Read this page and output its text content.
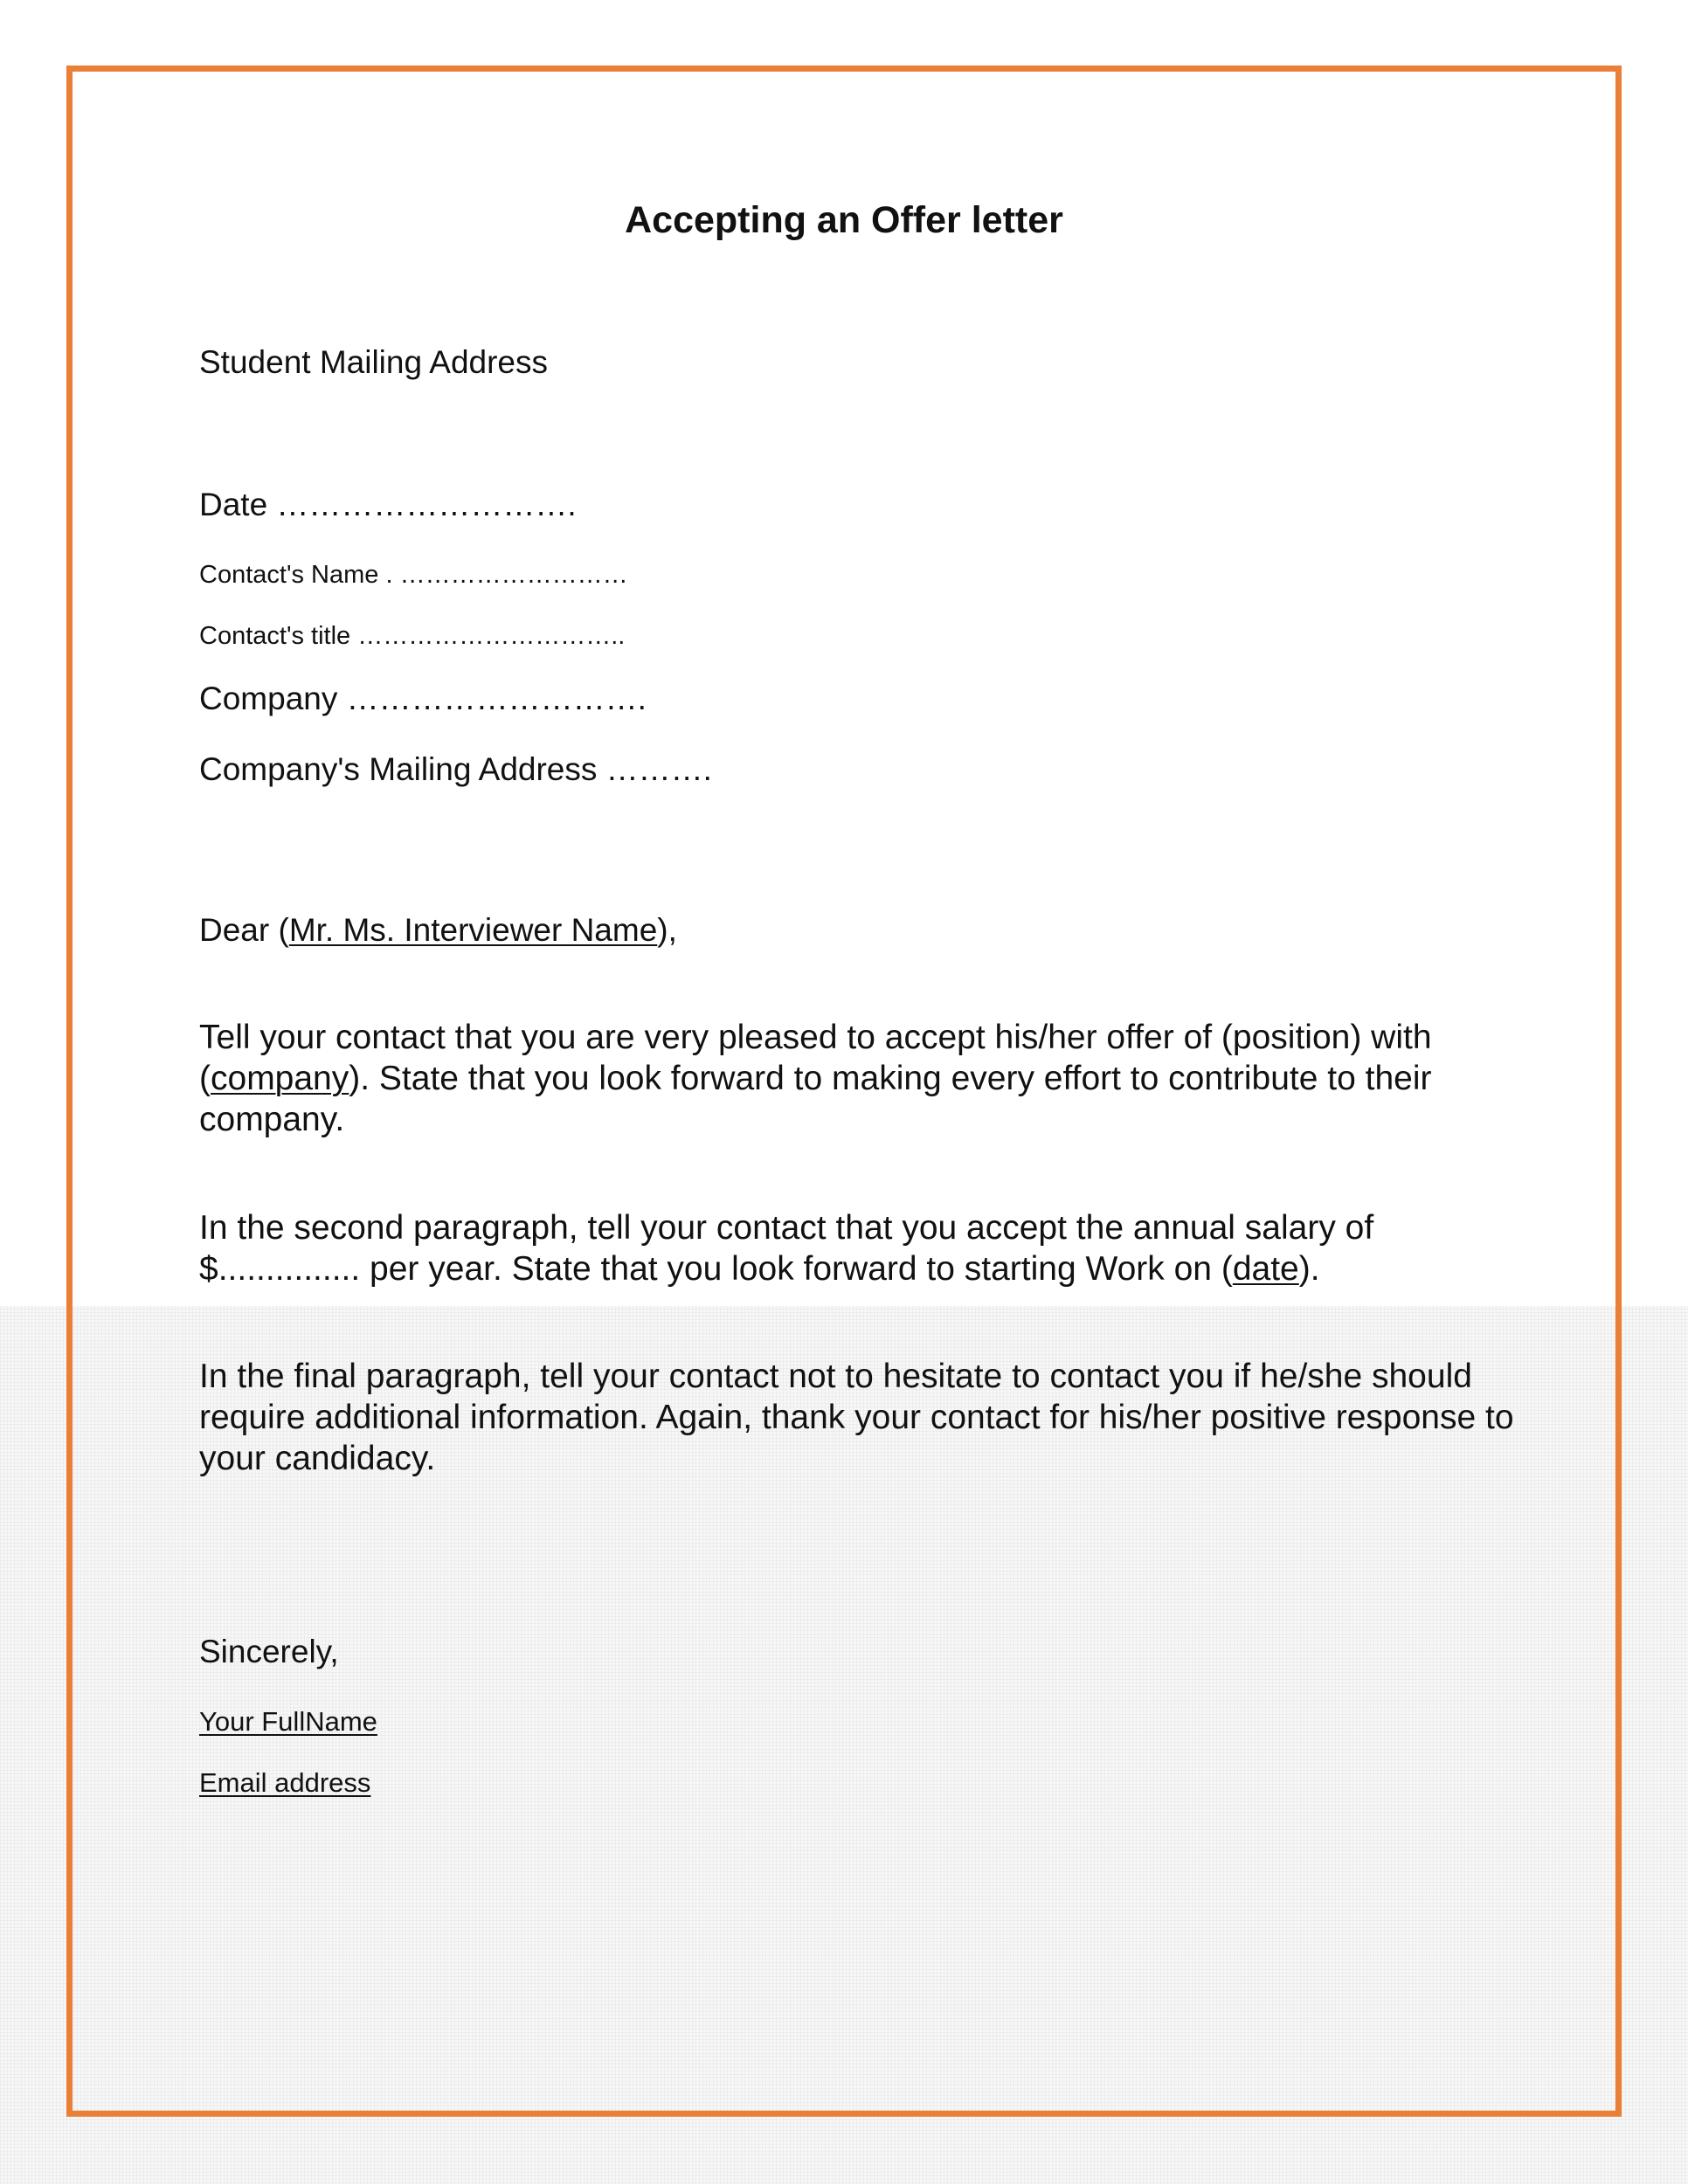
Accepting an Offer letter
Student Mailing Address
Date ……………………….
Contact's Name . ………………………
Contact's title …………………………..
Company ……………………….
Company's Mailing Address ……….
Dear (Mr. Ms. Interviewer Name),
Tell your contact that you are very pleased to accept his/her offer of (position) with (company). State that you look forward to making every effort to contribute to their company.
In the second paragraph, tell your contact that you accept the annual salary of $............... per year. State that you look forward to starting Work on (date).
In the final paragraph, tell your contact not to hesitate to contact you if he/she should require additional information. Again, thank your contact for his/her positive response to your candidacy.
Sincerely,
Your FullName
Email address
